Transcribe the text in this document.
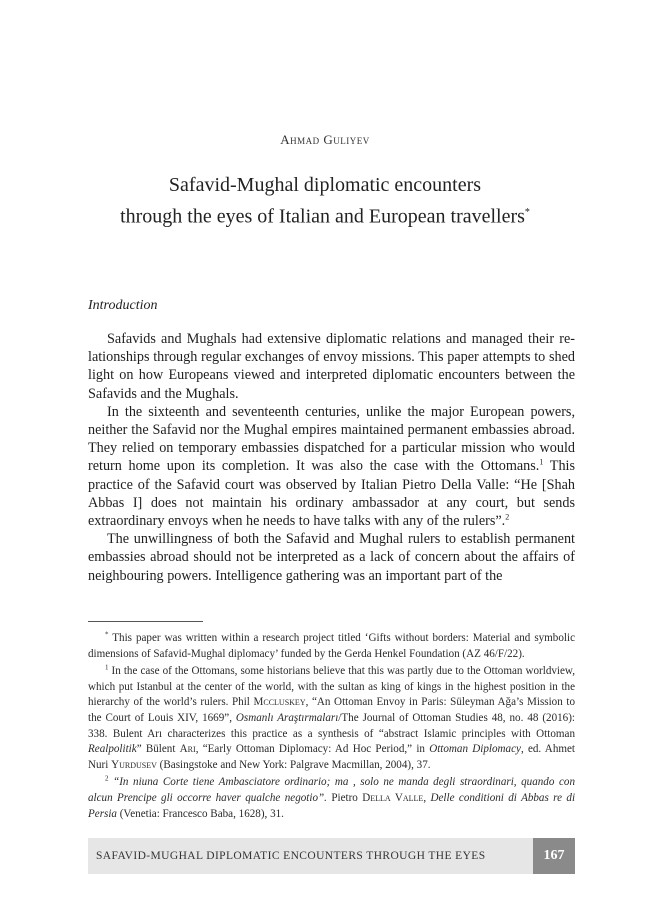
Ahmad Guliyev
Safavid-Mughal diplomatic encounters
through the eyes of Italian and European travellers*
Introduction

Safavids and Mughals had extensive diplomatic relations and managed their relationships through regular exchanges of envoy missions. This paper attempts to shed light on how Europeans viewed and interpreted diplomatic encounters between the Safavids and the Mughals.

In the sixteenth and seventeenth centuries, unlike the major European powers, neither the Safavid nor the Mughal empires maintained permanent embassies abroad. They relied on temporary embassies dispatched for a particular mission who would return home upon its completion. It was also the case with the Ottomans.$^1$ This practice of the Safavid court was observed by Italian Pietro Della Valle: “He [Shah Abbas I] does not maintain his ordinary ambassador at any court, but sends extraordinary envoys when he needs to have talks with any of the rulers”.$^2$

The unwillingness of both the Safavid and Mughal rulers to establish permanent embassies abroad should not be interpreted as a lack of concern about the affairs of neighbouring powers. Intelligence gathering was an important part of the

* This paper was written within a research project titled ‘Gifts without borders: Material and symbolic dimensions of Safavid-Mughal diplomacy’ funded by the Gerda Henkel Foundation (AZ 46/F/22).

$^1$ In the case of the Ottomans, some historians believe that this was partly due to the Ottoman worldview, which put Istanbul at the center of the world, with the sultan as king of kings in the highest position in the hierarchy of the world’s rulers. Phil Mccluskey, “An Ottoman Envoy in Paris: Süleyman Ağa’s Mission to the Court of Louis XIV, 1669”, Osmanlı Araştırmaları/The Journal of Ottoman Studies 48, no. 48 (2016): 338. Bulent Arı characterizes this practice as a synthesis of “abstract Islamic principles with Ottoman Realpolitik” Bülent Arı, “Early Ottoman Diplomacy: Ad Hoc Period,” in Ottoman Diplomacy, ed. Ahmet Nuri Yurdusev (Basingstoke and New York: Palgrave Macmillan, 2004), 37.

$^2$ “In niuna Corte tiene Ambasciatore ordinario; ma , solo ne manda degli straordinari, quando con alcun Prencipe gli occorre haver qualche negotio”. Pietro Della Valle, Delle conditioni di Abbas re di Persia (Venetia: Francesco Baba, 1628), 31.

SAFAVID-MUGHAL DIPLOMATIC ENCOUNTERS THROUGH THE EYES	167
